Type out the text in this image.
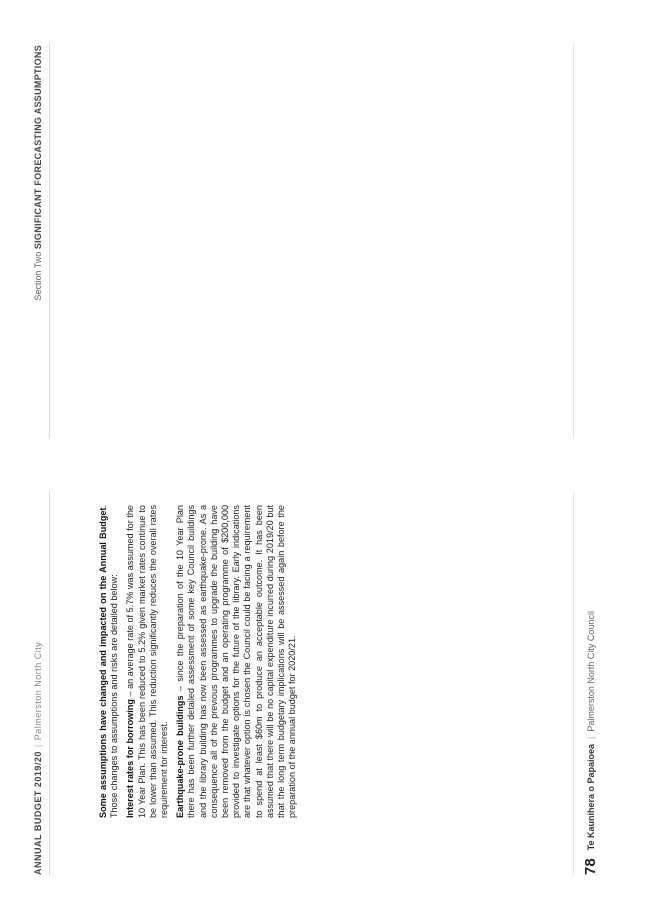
ANNUAL BUDGET 2019/20|Palmerston North City
Section Two SIGNIFICANT FORECASTING ASSUMPTIONS

Some assumptions have changed and impacted on the Annual Budget. Those changes to assumptions and risks are detailed below: Interest rates for borrowing – an average rate of 5.7% was assumed for the 10 Year Plan. This has been reduced to 5.2% given market rates continue to be lower than assumed. This reduction significantly reduces the overall rates requirement for interest. Earthquake-prone buildings – since the preparation of the 10 Year Plan there has been further detailed assessment of some key Council buildings and the library building has now been assessed as earthquake-prone. As a consequence all of the previous programmes to upgrade the building have been removed from the budget and an operating programme of $200,000 provided to investigate options for the future of the library. Early indications are that whatever option is chosen the Council could be facing a requirement to spend at least $60m to produce an acceptable outcome. It has been assumed that there will be no capital expenditure incurred during 2019/20 but that the long term budgetary implications will be assessed again before the preparation of the annual budget for 2020/21.

78Te Kaunihera o Papaioea|Palmerston North City Council
